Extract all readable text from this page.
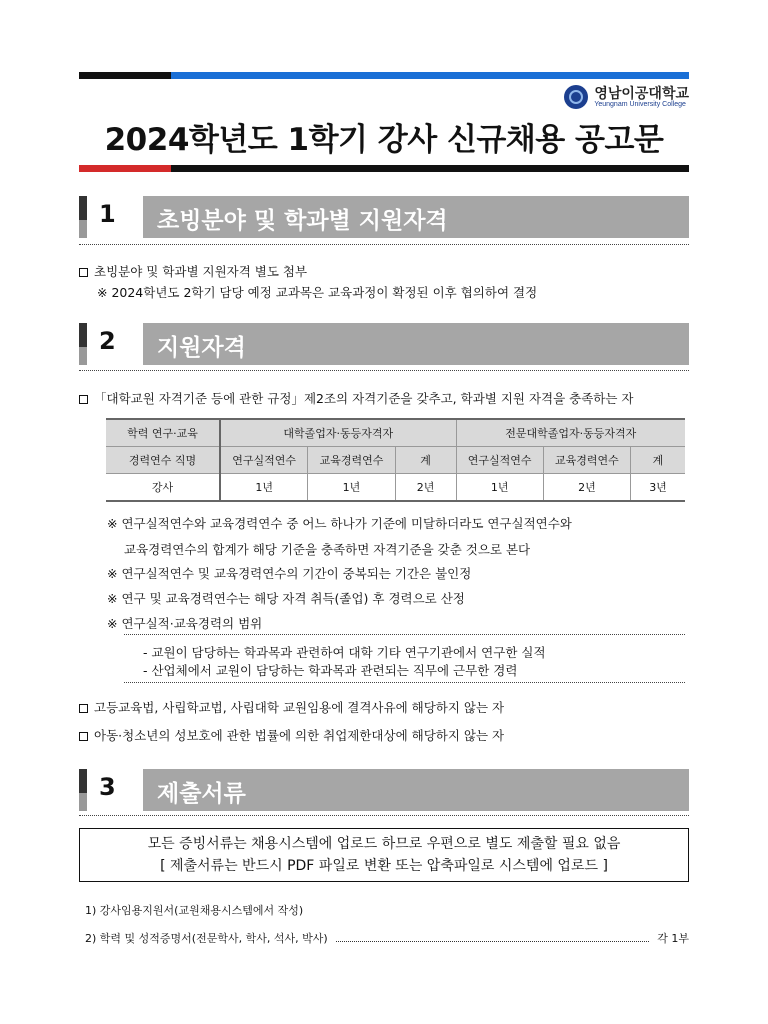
영남이공대학교
Yeungnam University College
2024학년도 1학기 강사 신규채용 공고문
1	초빙분야 및 학과별 지원자격
초빙분야 및 학과별 지원자격 별도 첨부
※ 2024학년도 2학기 담당 예정 교과목은 교육과정이 확정된 이후 협의하여 결정
2	지원자격
「대학교원 자격기준 등에 관한 규정」제2조의 자격기준을 갖추고, 학과별 지원 자격을 충족하는 자
학력 연구·교육	대학졸업자·동등자격자			전문대학졸업자·동등자격자		
경력연수 직명	연구실적연수	교육경력연수	계	연구실적연수	교육경력연수	계
강사	1년	1년	2년	1년	2년	3년
※ 연구실적연수와 교육경력연수 중 어느 하나가 기준에 미달하더라도 연구실적연수와
교육경력연수의 합계가 해당 기준을 충족하면 자격기준을 갖춘 것으로 본다
※ 연구실적연수 및 교육경력연수의 기간이 중복되는 기간은 불인정
※ 연구 및 교육경력연수는 해당 자격 취득(졸업) 후 경력으로 산정
※ 연구실적·교육경력의 범위
- 교원이 담당하는 학과목과 관련하여 대학 기타 연구기관에서 연구한 실적
- 산업체에서 교원이 담당하는 학과목과 관련되는 직무에 근무한 경력
고등교육법, 사립학교법, 사립대학 교원임용에 결격사유에 해당하지 않는 자
아동·청소년의 성보호에 관한 법률에 의한 취업제한대상에 해당하지 않는 자
3	제출서류
모든 증빙서류는 채용시스템에 업로드 하므로 우편으로 별도 제출할 필요 없음
[ 제출서류는 반드시 PDF 파일로 변환 또는 압축파일로 시스템에 업로드 ]
1) 강사임용지원서(교원채용시스템에서 작성)
2) 학력 및 성적증명서(전문학사, 학사, 석사, 박사)	각 1부
